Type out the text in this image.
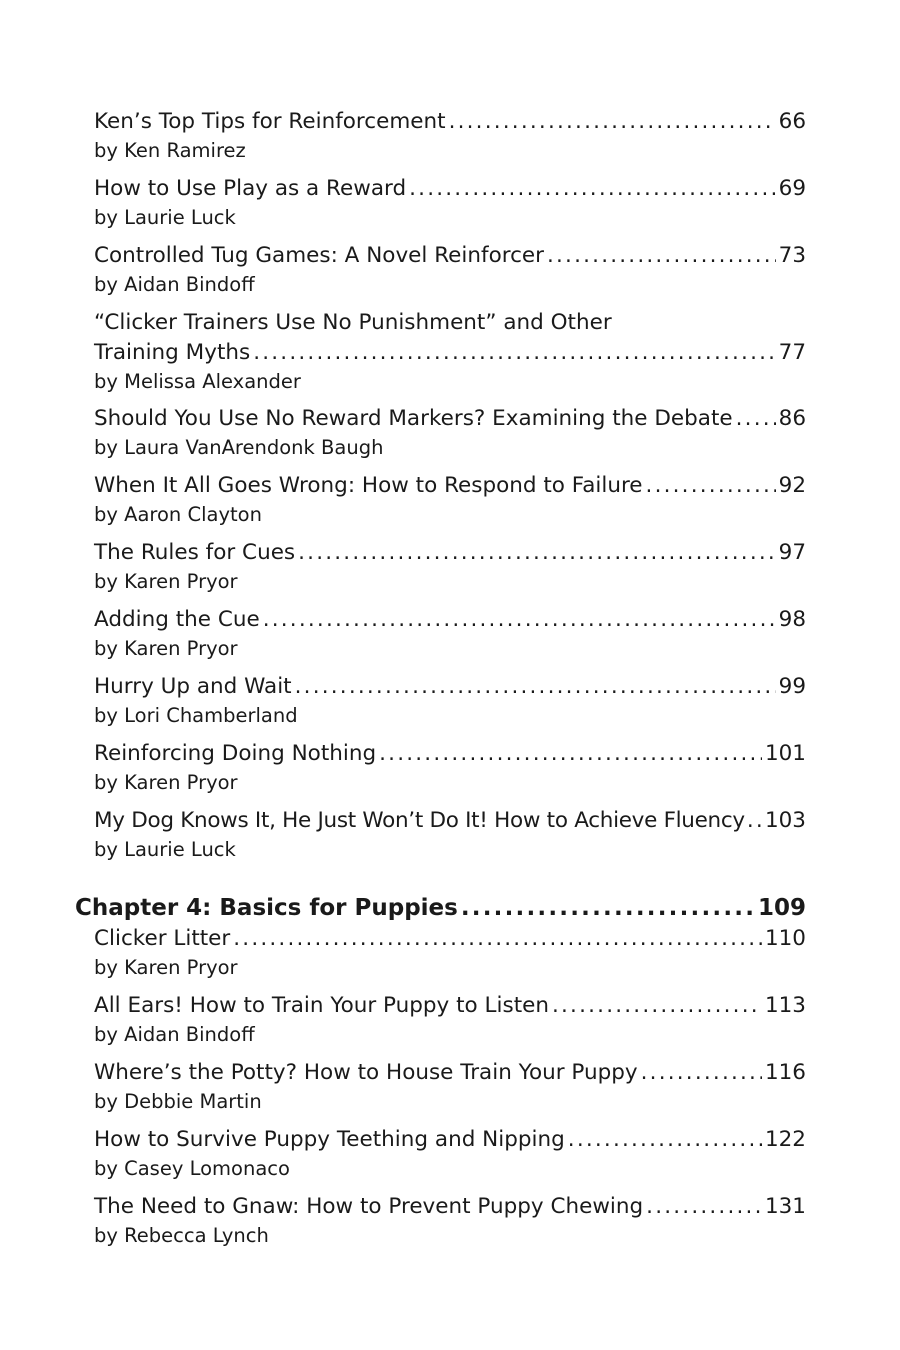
Ken’s Top Tips for Reinforcement .....	66
by Ken Ramirez
How to Use Play as a Reward .....	69
by Laurie Luck
Controlled Tug Games: A Novel Reinforcer .....	73
by Aidan Bindoff
“Clicker Trainers Use No Punishment” and Other
Training Myths .....	77
by Melissa Alexander
Should You Use No Reward Markers? Examining the Debate ..... 86
by Laura VanArendonk Baugh
When It All Goes Wrong: How to Respond to Failure .....	92
by Aaron Clayton
The Rules for Cues .....	97
by Karen Pryor
Adding the Cue .....	98
by Karen Pryor
Hurry Up and Wait .....	99
by Lori Chamberland
Reinforcing Doing Nothing .....	101
by Karen Pryor
My Dog Knows It, He Just Won’t Do It! How to Achieve Fluency ..... 103
by Laurie Luck
Chapter 4: Basics for Puppies .....	109
Clicker Litter .....	110
by Karen Pryor
All Ears! How to Train Your Puppy to Listen .....	113
by Aidan Bindoff
Where’s the Potty? How to House Train Your Puppy .....	116
by Debbie Martin
How to Survive Puppy Teething and Nipping .....	122
by Casey Lomonaco
The Need to Gnaw: How to Prevent Puppy Chewing .....	131
by Rebecca Lynch
